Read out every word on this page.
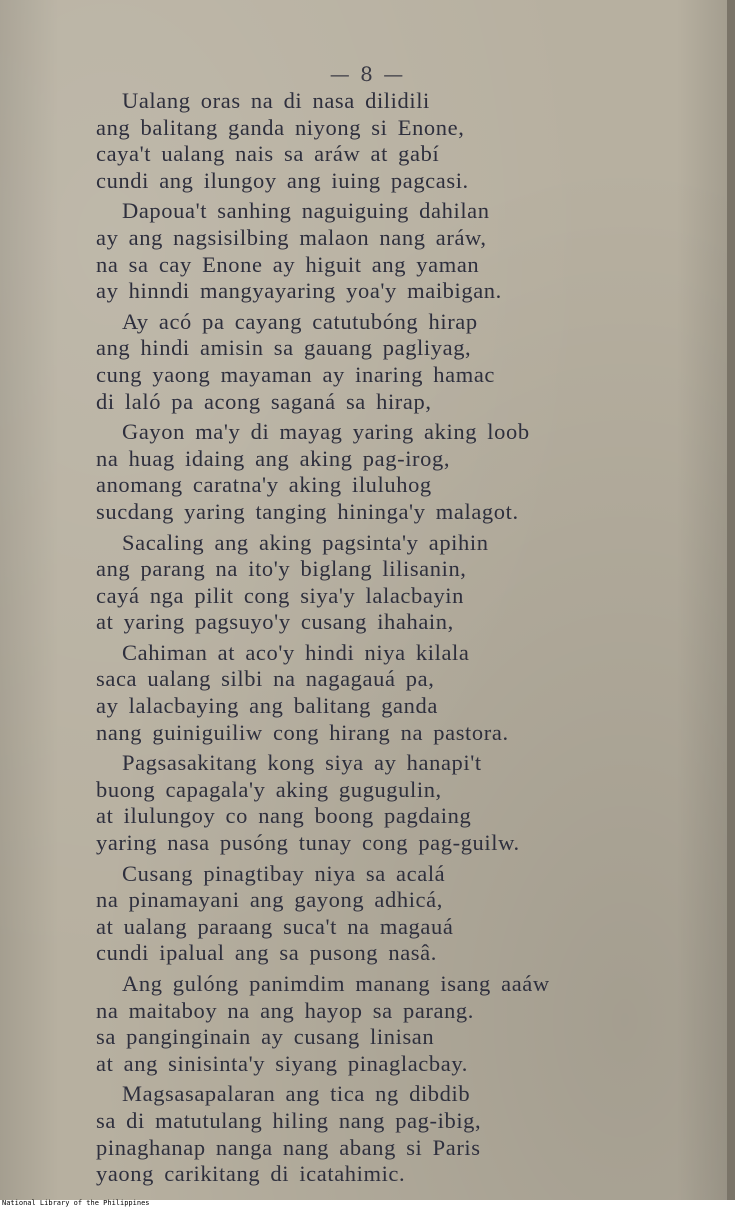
— 8 —
Ualang oras na di nasa dilidili
ang balitang ganda niyong si Enone,
caya't ualang nais sa aráw at gabí
cundi ang ilungoy ang iuing pagcasi.
Dapoua't sanhing naguiguing dahilan
ay ang nagsisilbing malaon nang aráw,
na sa cay Enone ay higuit ang yaman
ay hinndi mangyayaring yoa'y maibigan.
Ay acó pa cayang catutubóng hirap
ang hindi amisin sa gauang pagliyag,
cung yaong mayaman ay inaring hamac
di laló pa acong saganá sa hirap,
Gayon ma'y di mayag yaring aking loob
na huag idaing ang aking pag-irog,
anomang caratna'y aking iluluhog
sucdang yaring tanging hininga'y malagot.
Sacaling ang aking pagsinta'y apihin
ang parang na ito'y biglang lilisanin,
cayá nga pilit cong siya'y lalacbayin
at yaring pagsuyo'y cusang ihahain,
Cahiman at aco'y hindi niya kilala
saca ualang silbi na nagagauá pa,
ay lalacbaying ang balitang ganda
nang guiniguiliw cong hirang na pastora.
Pagsasakitang kong siya ay hanapi't
buong capagala'y aking gugugulin,
at ilulungoy co nang boong pagdaing
yaring nasa pusóng tunay cong pag-guilw.
Cusang pinagtibay niya sa acalá
na pinamayani ang gayong adhicá,
at ualang paraang suca't na magauá
cundi ipalual ang sa pusong nasâ.
Ang gulóng panimdim manang isang aaáw
na maitaboy na ang hayop sa parang.
sa panginginain ay cusang linisan
at ang sinisinta'y siyang pinaglacbay.
Magsasapalaran ang tica ng dibdib
sa di matutulang hiling nang pag-ibig,
pinaghanap nanga nang abang si Paris
yaong carikitang di icatahimic.
National Library of the Philippines
